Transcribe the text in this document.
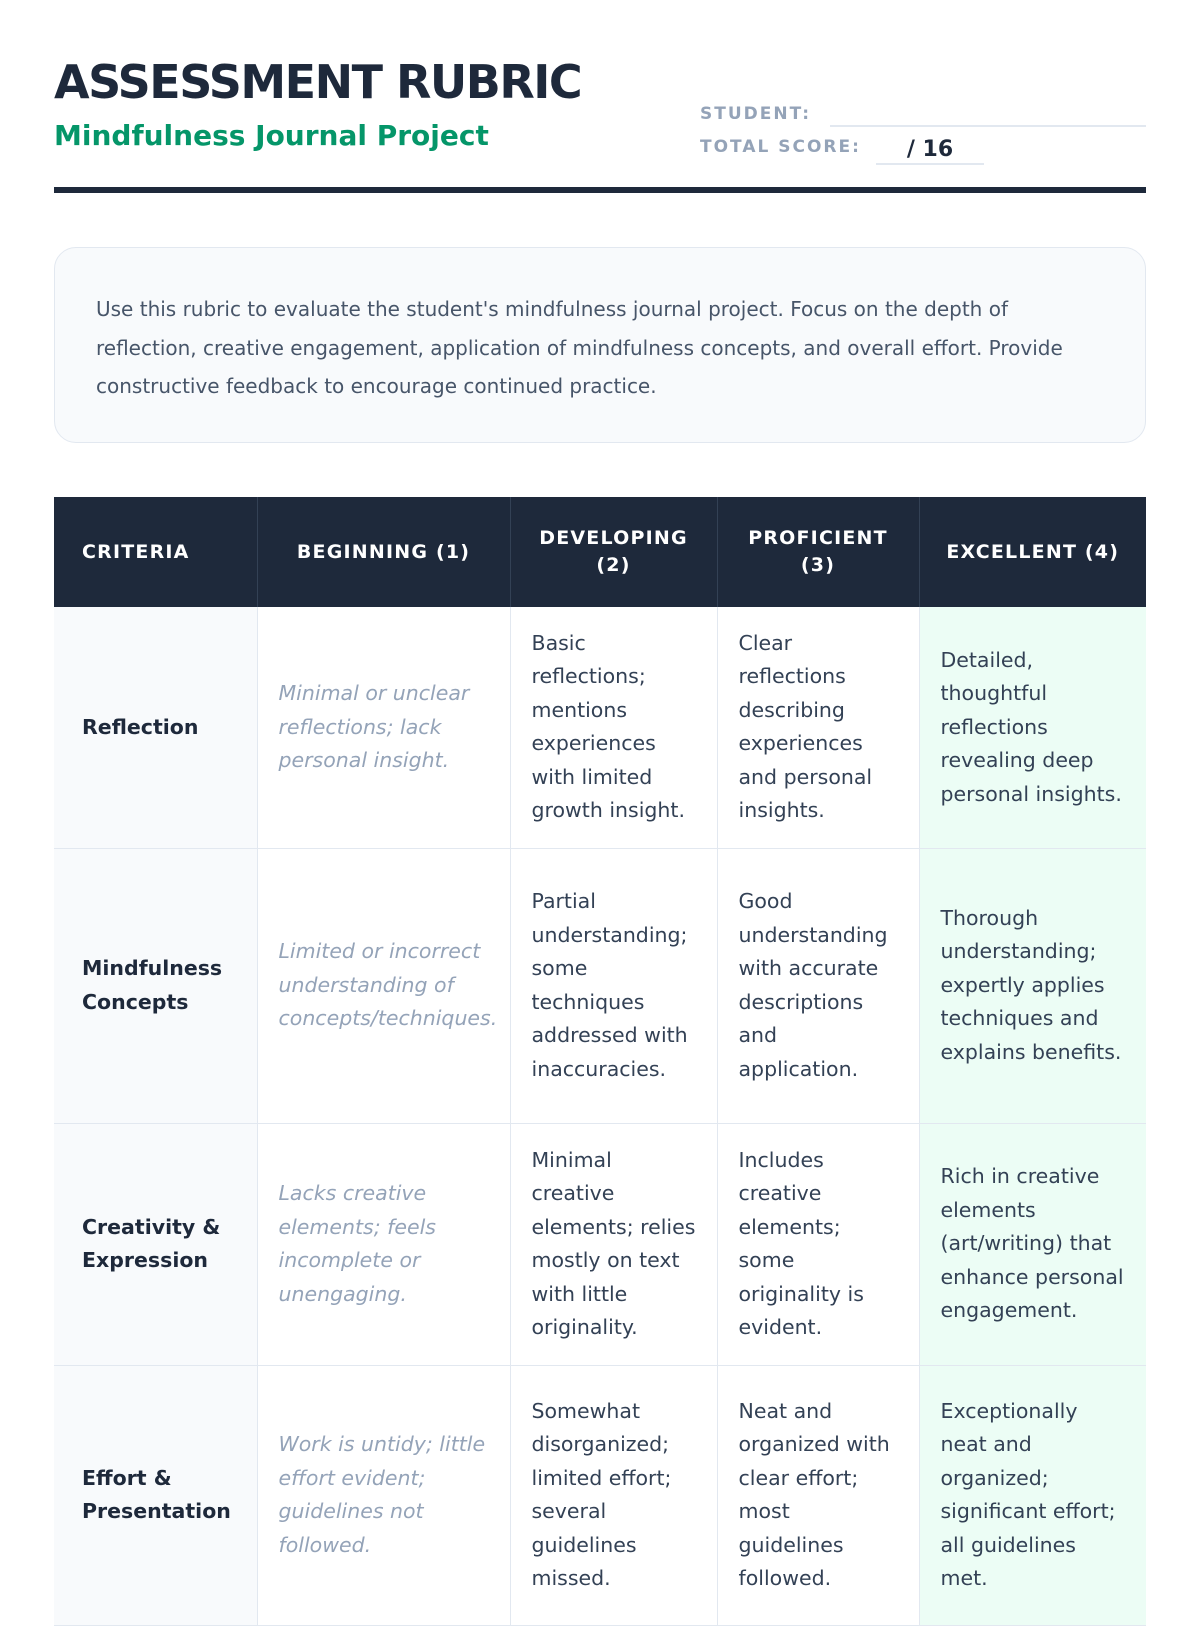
ASSESSMENT RUBRIC
Mindfulness Journal Project
STUDENT:
TOTAL SCORE:	/ 16

Use this rubric to evaluate the student's mindfulness journal project. Focus on the depth of reflection, creative engagement, application of mindfulness concepts, and overall effort. Provide constructive feedback to encourage continued practice.

CRITERIA	BEGINNING (1)	DEVELOPING (2)	PROFICIENT (3)	EXCELLENT (4)
Reflection	Minimal or unclear reflections; lack personal insight.	Basic reflections; mentions experiences with limited growth insight.	Clear reflections describing experiences and personal insights.	Detailed, thoughtful reflections revealing deep personal insights.
Mindfulness Concepts	Limited or incorrect understanding of concepts/techniques.	Partial understanding; some techniques addressed with inaccuracies.	Good understanding with accurate descriptions and application.	Thorough understanding; expertly applies techniques and explains benefits.
Creativity & Expression	Lacks creative elements; feels incomplete or unengaging.	Minimal creative elements; relies mostly on text with little originality.	Includes creative elements; some originality is evident.	Rich in creative elements (art/writing) that enhance personal engagement.
Effort & Presentation	Work is untidy; little effort evident; guidelines not followed.	Somewhat disorganized; limited effort; several guidelines missed.	Neat and organized with clear effort; most guidelines followed.	Exceptionally neat and organized; significant effort; all guidelines met.
